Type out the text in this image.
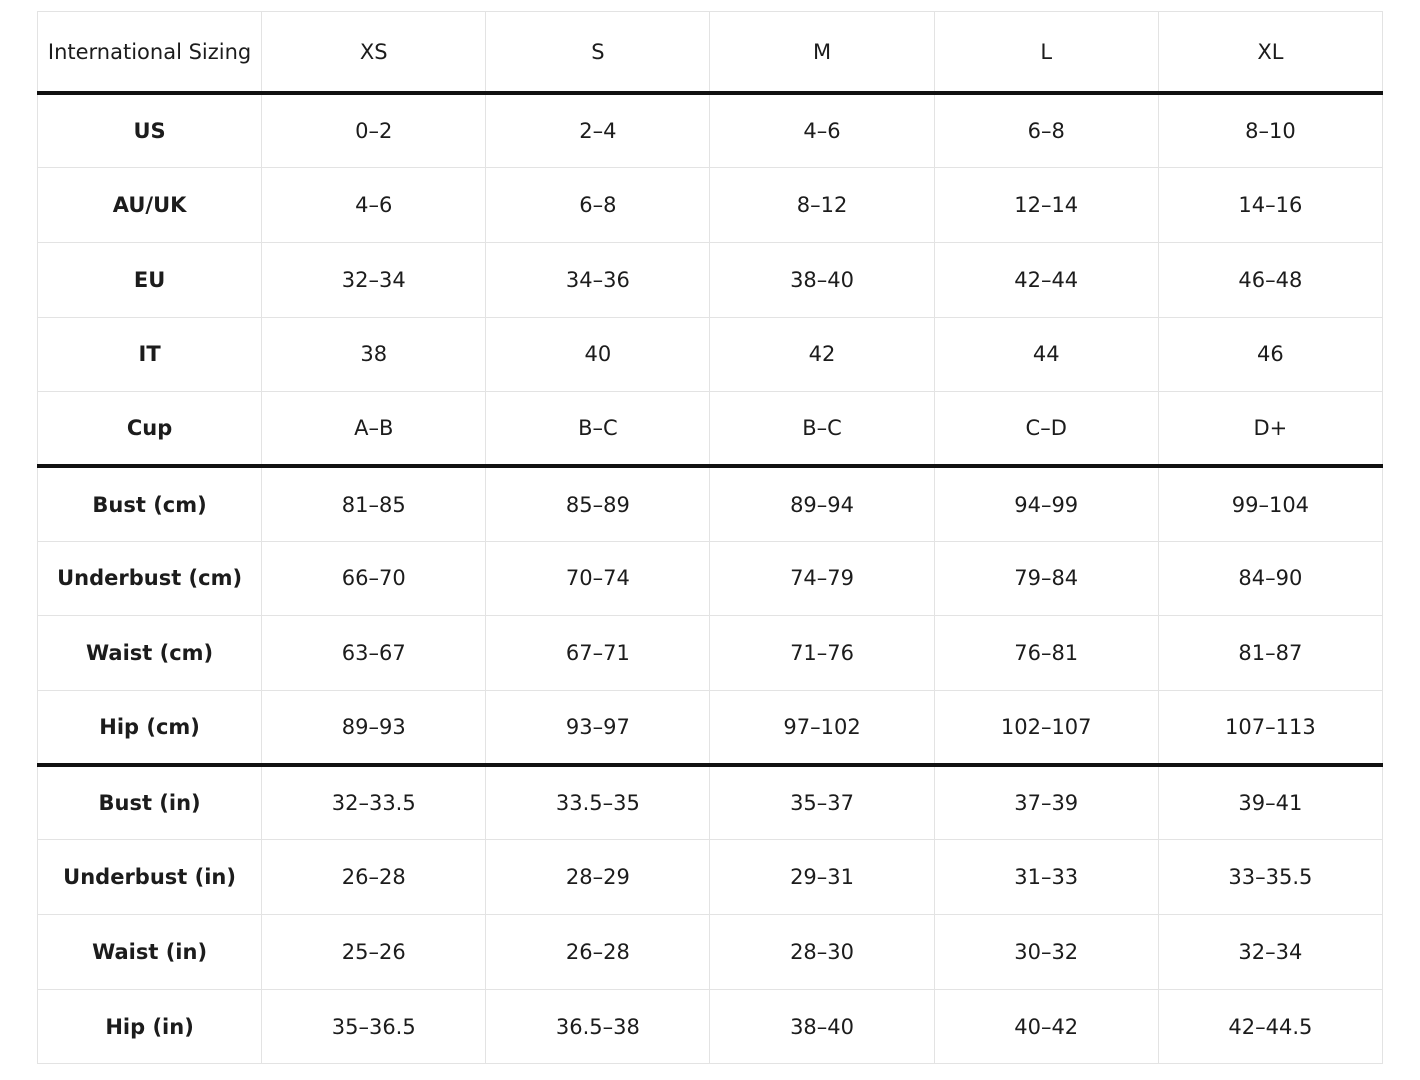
International Sizing	XS	S	M	L	XL
US	0–2	2–4	4–6	6–8	8–10
AU/UK	4–6	6–8	8–12	12–14	14–16
EU	32–34	34–36	38–40	42–44	46–48
IT	38	40	42	44	46
Cup	A–B	B–C	B–C	C–D	D+
Bust (cm)	81–85	85–89	89–94	94–99	99–104
Underbust (cm)	66–70	70–74	74–79	79–84	84–90
Waist (cm)	63–67	67–71	71–76	76–81	81–87
Hip (cm)	89–93	93–97	97–102	102–107	107–113
Bust (in)	32–33.5	33.5–35	35–37	37–39	39–41
Underbust (in)	26–28	28–29	29–31	31–33	33–35.5
Waist (in)	25–26	26–28	28–30	30–32	32–34
Hip (in)	35–36.5	36.5–38	38–40	40–42	42–44.5
